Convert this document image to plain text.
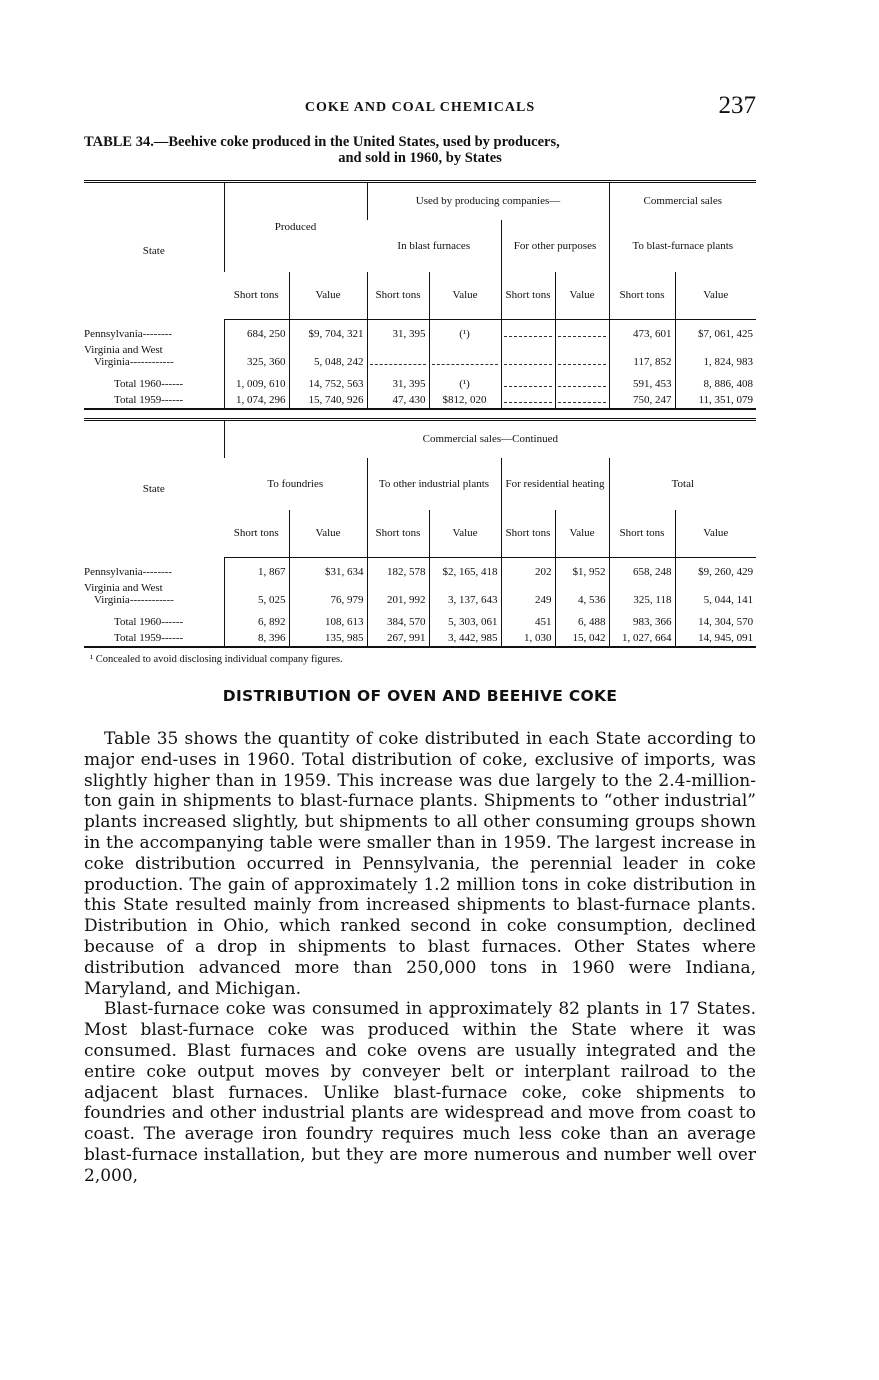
COKE AND COAL CHEMICALS	237
TABLE 34.—Beehive coke produced in the United States, used by producers,
and sold in 1960, by States
State	Produced		Used by producing companies—				Commercial sales	
			In blast furnaces		For other purposes		To blast-furnace plants	
	Short tons	Value	Short tons	Value	Short tons	Value	Short tons	Value

Pennsylvania--------	684, 250	$9, 704, 321	31, 395	(¹)			473, 601	$7, 061, 425
Virginia and West
Virginia------------	325, 360	5, 048, 242					117, 852	1, 824, 983

Total 1960------	1, 009, 610	14, 752, 563	31, 395	(¹)			591, 453	8, 886, 408
Total 1959------	1, 074, 296	15, 740, 926	47, 430	$812, 020			750, 247	11, 351, 079
State	Commercial sales—Continued							
	To foundries		To other industrial plants		For residential heating		Total	
	Short tons	Value	Short tons	Value	Short tons	Value	Short tons	Value

Pennsylvania--------	1, 867	$31, 634	182, 578	$2, 165, 418	202	$1, 952	658, 248	$9, 260, 429
Virginia and West
Virginia------------	5, 025	76, 979	201, 992	3, 137, 643	249	4, 536	325, 118	5, 044, 141

Total 1960------	6, 892	108, 613	384, 570	5, 303, 061	451	6, 488	983, 366	14, 304, 570
Total 1959------	8, 396	135, 985	267, 991	3, 442, 985	1, 030	15, 042	1, 027, 664	14, 945, 091
¹ Concealed to avoid disclosing individual company figures.
DISTRIBUTION OF OVEN AND BEEHIVE COKE

Table 35 shows the quantity of coke distributed in each State according to major end-uses in 1960. Total distribution of coke, exclusive of imports, was slightly higher than in 1959. This increase was due largely to the 2.4-million-ton gain in shipments to blast-furnace plants. Shipments to “other industrial” plants increased slightly, but shipments to all other consuming groups shown in the accompanying table were smaller than in 1959. The largest increase in coke distribution occurred in Pennsylvania, the perennial leader in coke production. The gain of approximately 1.2 million tons in coke distribution in this State resulted mainly from increased shipments to blast-furnace plants. Distribution in Ohio, which ranked second in coke consumption, declined because of a drop in shipments to blast furnaces. Other States where distribution advanced more than 250,000 tons in 1960 were Indiana, Maryland, and Michigan.

Blast-furnace coke was consumed in approximately 82 plants in 17 States. Most blast-furnace coke was produced within the State where it was consumed. Blast furnaces and coke ovens are usually integrated and the entire coke output moves by conveyer belt or interplant railroad to the adjacent blast furnaces. Unlike blast-furnace coke, coke shipments to foundries and other industrial plants are widespread and move from coast to coast. The average iron foundry requires much less coke than an average blast-furnace installation, but they are more numerous and number well over 2,000,
